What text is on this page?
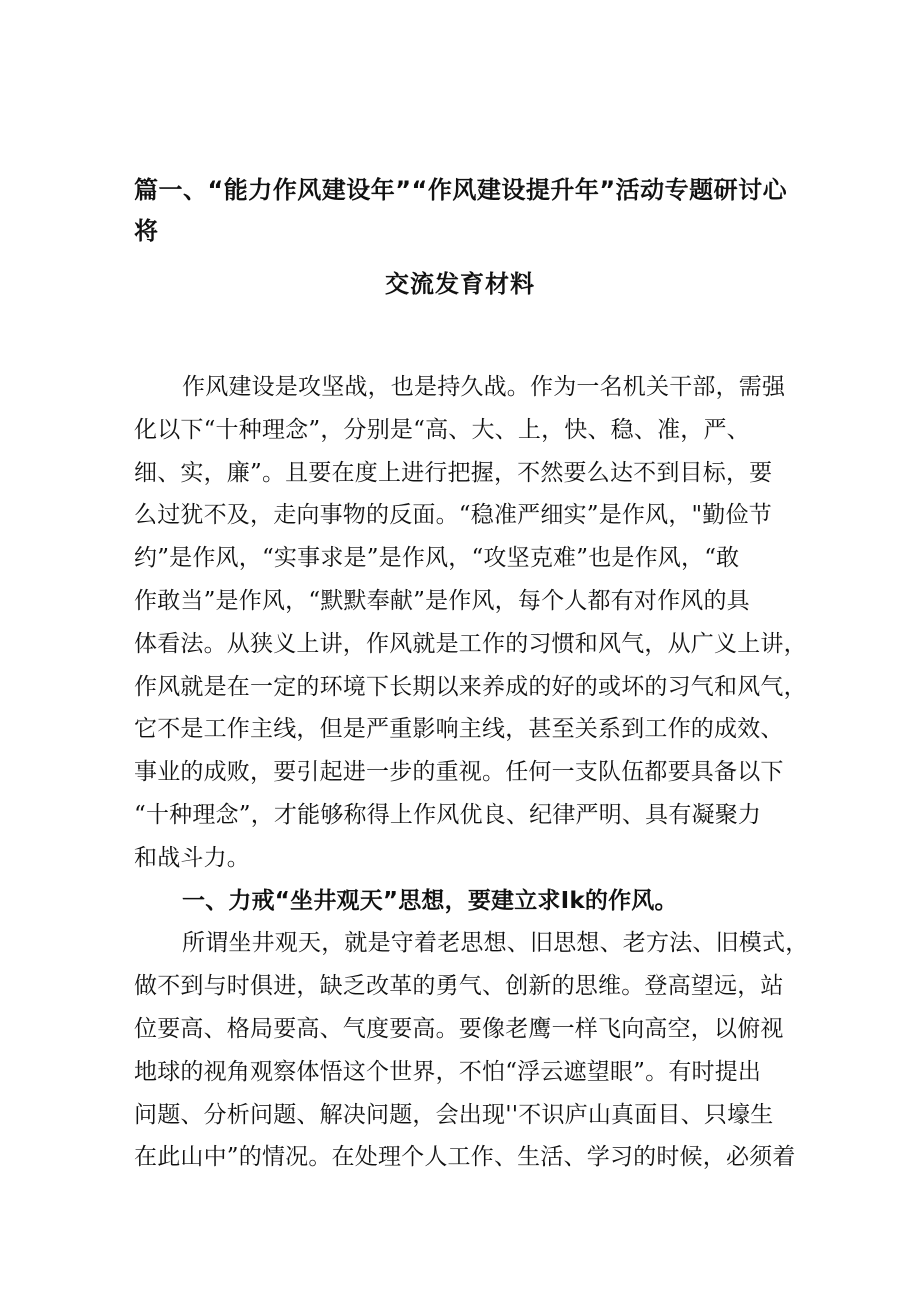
篇一、“能力作风建设年”“作风建设提升年”活动专题研讨心
将
交流发育材料
作风建设是攻坚战，也是持久战。作为一名机关干部，需强
化以下“十种理念”，分别是“高、大、上，快、稳、准，严、
细、实，廉”。且要在度上进行把握，不然要么达不到目标，要
么过犹不及，走向事物的反面。“稳准严细实”是作风，"勤俭节
约”是作风，“实事求是”是作风，“攻坚克难”也是作风，“敢
作敢当”是作风，“默默奉献”是作风，每个人都有对作风的具
体看法。从狭义上讲，作风就是工作的习惯和风气，从广义上讲，
作风就是在一定的环境下长期以来养成的好的或坏的习气和风气，
它不是工作主线，但是严重影响主线，甚至关系到工作的成效、
事业的成败，要引起进一步的重视。任何一支队伍都要具备以下
“十种理念”，才能够称得上作风优良、纪律严明、具有凝聚力
和战斗力。
一、力戒“坐井观天”思想，要建立求Ik的作风。
所谓坐井观天，就是守着老思想、旧思想、老方法、旧模式，
做不到与时俱进，缺乏改革的勇气、创新的思维。登高望远，站
位要高、格局要高、气度要高。要像老鹰一样飞向高空，以俯视
地球的视角观察体悟这个世界，不怕“浮云遮望眼”。有时提出
问题、分析问题、解决问题，会出现''不识庐山真面目、只壕生
在此山中”的情况。在处理个人工作、生活、学习的时候，必须着
